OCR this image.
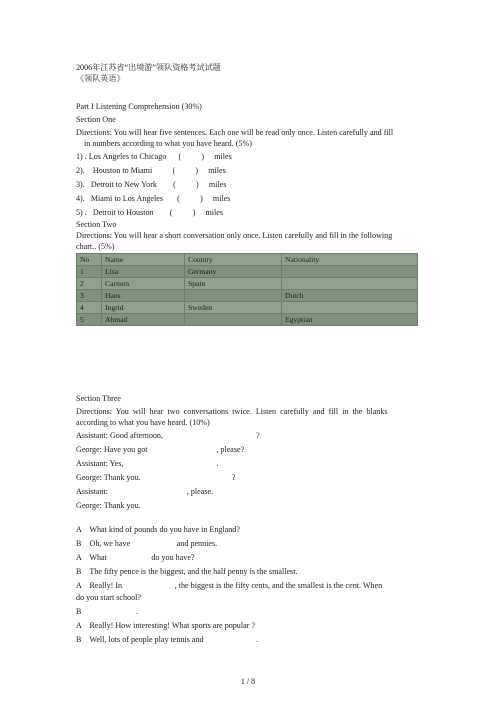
2006年江苏省“出境游”领队资格考试试题
《领队英语》
Part I Listening Comprehension (30%)
Section One
Directions: You will hear five sentences. Each one will be read only once. Listen carefully and fill
in numbers according to what you have heard. (5%)
1) . Los Angeles to Chicago      (          )     miles
2).    Houston to Miami          (          )     miles
3).   Detroit to New York        (          )     miles
4).   Miami to Los Angeles       (          )     miles
5) .   Detroit to Houston        (          )     miles
Section Two
Directions: You will hear a short conversation only once. Listen carefully and fill in the following
No	Name	Country	Nationality
1	Lisa	Germany	
2	Carmen	Spain	
3	Hans		Dutch
4	Ingrid	Sweden	
5	Ahmad		Egyptian
chart.. (5%)
Section Three
Directions:  You  will  hear  two  conversations  twice.  Listen  carefully  and  fill  in  the  blanks
according to what you have heard. (10%)
Assistant: Good afternoon,                                              ?
George: Have you got                                  , please?
Assistant: Yes,                                              .
George: Thank you.                                             ?
Assistant:                                       , please.
George: Thank you.
A    What kind of pounds do you have in England?
B    Oh, we have                       and pennies.
A    What                      do you have?
B    The fifty pence is the biggest, and the half penny is the smallest.
A    Really! In                          , the biggest is the fifty cents, and the smallest is the cent. When
do you start school?
B                           .
A    Really! How interesting! What sports are popular ?
B    Well, lots of people play tennis and                          .
1 / 8
